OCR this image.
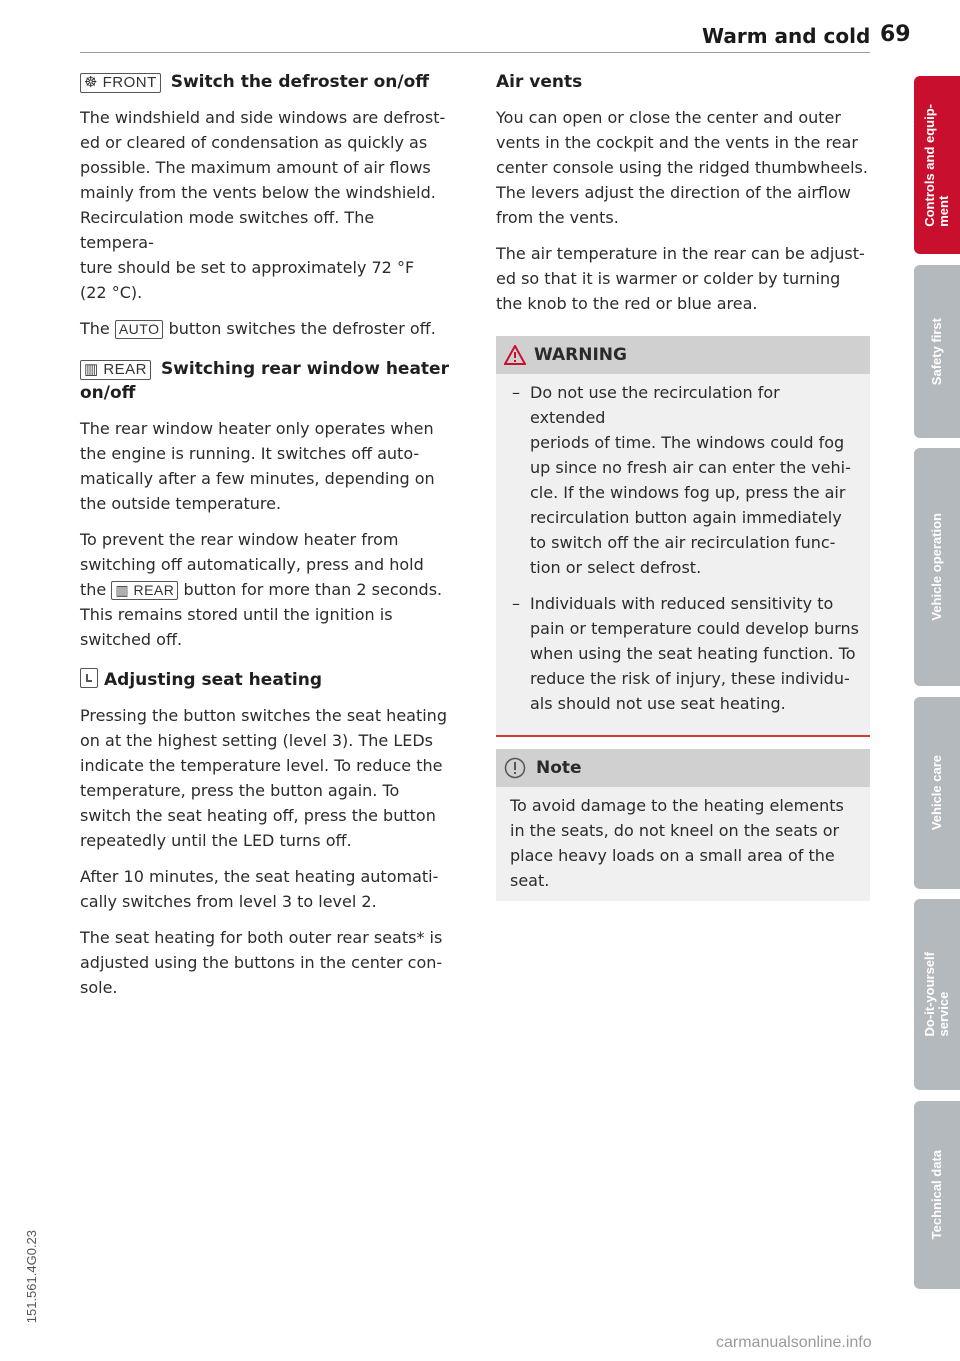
Warm and cold 69
☸ FRONT Switch the defroster on/off

The windshield and side windows are defrost-
ed or cleared of condensation as quickly as
possible. The maximum amount of air flows
mainly from the vents below the windshield.
Recirculation mode switches off. The tempera-
ture should be set to approximately 72 °F
(22 °C).

The AUTO button switches the defroster off.

▥ REAR Switching rear window heater
on/off

The rear window heater only operates when
the engine is running. It switches off auto-
matically after a few minutes, depending on
the outside temperature.

To prevent the rear window heater from
switching off automatically, press and hold
the ▥ REAR button for more than 2 seconds.
This remains stored until the ignition is
switched off.

Adjusting seat heating

Pressing the button switches the seat heating
on at the highest setting (level 3). The LEDs
indicate the temperature level. To reduce the
temperature, press the button again. To
switch the seat heating off, press the button
repeatedly until the LED turns off.

After 10 minutes, the seat heating automati-
cally switches from level 3 to level 2.

The seat heating for both outer rear seats* is
adjusted using the buttons in the center con-
sole.

Air vents

You can open or close the center and outer
vents in the cockpit and the vents in the rear
center console using the ridged thumbwheels.
The levers adjust the direction of the airflow
from the vents.

The air temperature in the rear can be adjust-
ed so that it is warmer or colder by turning
the knob to the red or blue area.

WARNING

– Do not use the recirculation for extended
periods of time. The windows could fog
up since no fresh air can enter the vehi-
cle. If the windows fog up, press the air
recirculation button again immediately
to switch off the air recirculation func-
tion or select defrost.

– Individuals with reduced sensitivity to
pain or temperature could develop burns
when using the seat heating function. To
reduce the risk of injury, these individu-
als should not use seat heating.

Note

To avoid damage to the heating elements
in the seats, do not kneel on the seats or
place heavy loads on a small area of the
seat.

Controls and equip-
ment
Safety first
Vehicle operation
Vehicle care
Do-it-yourself
service
Technical data
151.561.4G0.23
carmanualsonline.info
